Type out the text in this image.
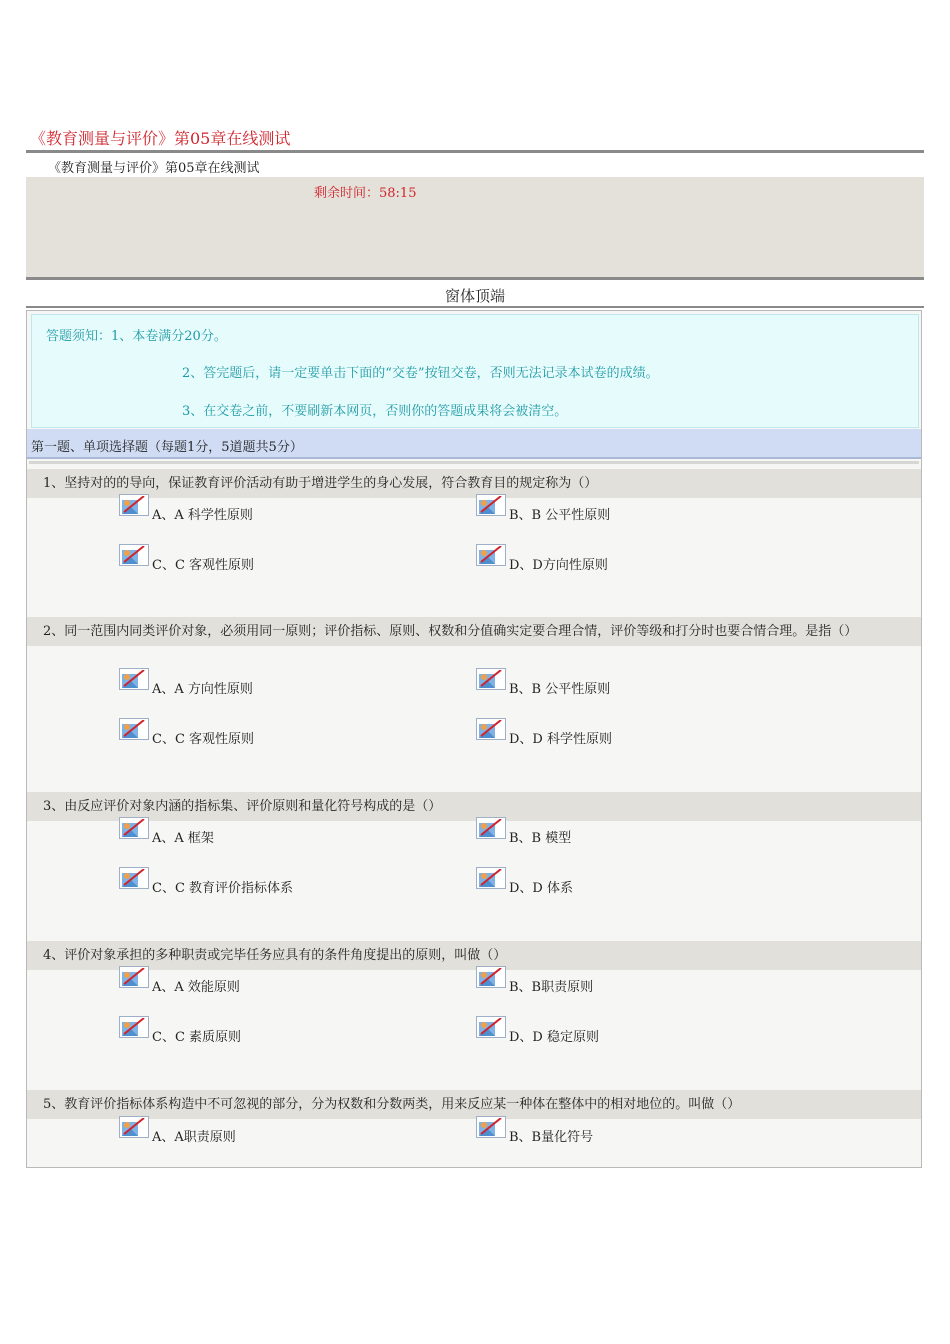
《教育测量与评价》第05章在线测试
《教育测量与评价》第05章在线测试
剩余时间：58:15
窗体顶端
答题须知：1、本卷满分20分。
2、答完题后，请一定要单击下面的“交卷”按钮交卷，否则无法记录本试卷的成绩。
3、在交卷之前，不要刷新本网页，否则你的答题成果将会被清空。
第一题、单项选择题（每题1分，5道题共5分）
1、坚持对的的导向，保证教育评价活动有助于增进学生的身心发展，符合教育目的规定称为（）
A、A 科学性原则	B、B 公平性原则
C、C 客观性原则	D、D方向性原则
2、同一范围内同类评价对象，必须用同一原则；评价指标、原则、权数和分值确实定要合理合情，评价等级和打分时也要合情合理。是指（）
A、A 方向性原则	B、B 公平性原则
C、C 客观性原则	D、D 科学性原则
3、由反应评价对象内涵的指标集、评价原则和量化符号构成的是（）
A、A 框架	B、B 模型
C、C 教育评价指标体系	D、D 体系
4、评价对象承担的多种职责或完毕任务应具有的条件角度提出的原则，叫做（）
A、A 效能原则	B、B职责原则
C、C 素质原则	D、D 稳定原则
5、教育评价指标体系构造中不可忽视的部分，分为权数和分数两类，用来反应某一种体在整体中的相对地位的。叫做（）
A、A职责原则	B、B量化符号
